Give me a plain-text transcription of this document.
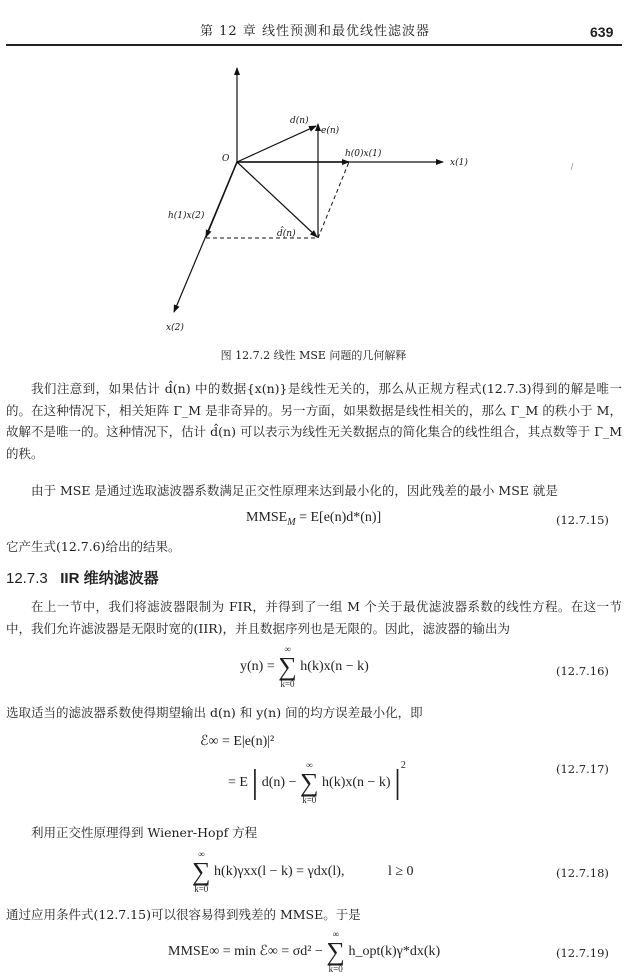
第 12 章 线性预测和最优线性滤波器	639
O
d(n)
e(n)
h(0)x(1)
x(1)
h(1)x(2)
d̂(n)
x(2)
图 12.7.2 线性 MSE 问题的几何解释
我们注意到，如果估计 d̂(n) 中的数据{x(n)}是线性无关的，那么从正规方程式(12.7.3)得到的解是唯一的。在这种情况下，相关矩阵 Γ_M 是非奇异的。另一方面，如果数据是线性相关的，那么 Γ_M 的秩小于 M，故解不是唯一的。这种情况下，估计 d̂(n) 可以表示为线性无关数据点的简化集合的线性组合，其点数等于 Γ_M 的秩。
由于 MSE 是通过选取滤波器系数满足正交性原理来达到最小化的，因此残差的最小 MSE 就是
$MMSE_M = E[e(n)d*(n)]$	(12.7.15)
它产生式(12.7.6)给出的结果。
12.7.3 IIR 维纳滤波器
在上一节中，我们将滤波器限制为 FIR，并得到了一组 M 个关于最优滤波器系数的线性方程。在这一节中，我们允许滤波器是无限时宽的(IIR)，并且数据序列也是无限的。因此，滤波器的输出为
y(n) =
∞
∑
k=0
h(k)x(n − k)	(12.7.16)
选取适当的滤波器系数使得期望输出 d(n) 和 y(n) 间的均方误差最小化，即
ℰ∞ = E|e(n)|²
= E | d(n) −
∞
∑
k=0
h(k)x(n − k) $|^2$	(12.7.17)
利用正交性原理得到 Wiener-Hopf 方程
∞
∑
k=0
h(k)γxx(l − k) = γdx(l),	l ≥ 0	(12.7.18)
通过应用条件式(12.7.15)可以很容易得到残差的 MMSE。于是
MMSE∞ = min ℰ∞ = σd² −
∞
∑
k=0
h_opt(k)γ*dx(k)	(12.7.19)
